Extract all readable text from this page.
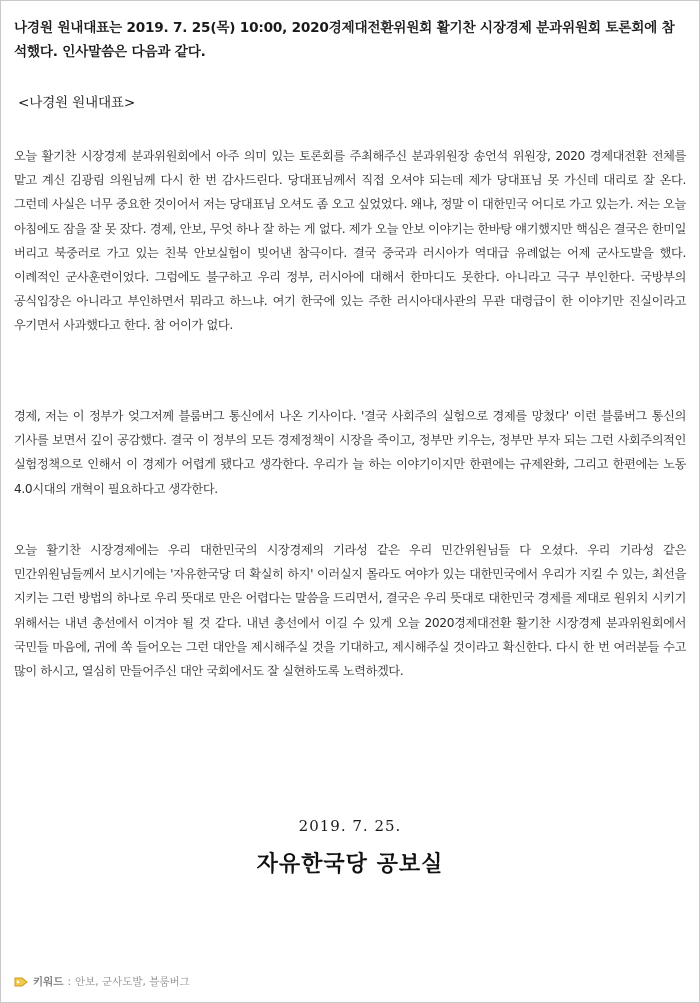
나경원 원내대표는 2019. 7. 25(목) 10:00, 2020경제대전환위원회 활기찬 시장경제 분과위원회 토론회에 참석했다. 인사말씀은 다음과 같다.
<나경원 원내대표>
오늘 활기찬 시장경제 분과위원회에서 아주 의미 있는 토론회를 주최해주신 분과위원장 송언석 위원장, 2020 경제대전환 전체를 맡고 계신 김광림 의원님께 다시 한 번 감사드린다. 당대표님께서 직접 오셔야 되는데 제가 당대표님 못 가신데 대리로 잘 온다. 그런데 사실은 너무 중요한 것이어서 저는 당대표님 오셔도 좀 오고 싶었었다. 왜냐, 정말 이 대한민국 어디로 가고 있는가. 저는 오늘 아침에도 잠을 잘 못 잤다. 경제, 안보, 무엇 하나 잘 하는 게 없다. 제가 오늘 안보 이야기는 한바탕 얘기했지만 핵심은 결국은 한미일 버리고 북중러로 가고 있는 친북 안보실험이 빚어낸 참극이다. 결국 중국과 러시아가 역대급 유례없는 어제 군사도발을 했다. 이례적인 군사훈련이었다. 그럼에도 불구하고 우리 정부, 러시아에 대해서 한마디도 못한다. 아니라고 극구 부인한다. 국방부의 공식입장은 아니라고 부인하면서 뭐라고 하느냐. 여기 한국에 있는 주한 러시아대사관의 무관 대령급이 한 이야기만 진실이라고 우기면서 사과했다고 한다. 참 어이가 없다.
경제, 저는 이 정부가 엊그저께 블룸버그 통신에서 나온 기사이다. '결국 사회주의 실험으로 경제를 망쳤다' 이런 블룸버그 통신의 기사를 보면서 깊이 공감했다. 결국 이 정부의 모든 경제정책이 시장을 죽이고, 정부만 키우는, 정부만 부자 되는 그런 사회주의적인 실험정책으로 인해서 이 경제가 어렵게 됐다고 생각한다. 우리가 늘 하는 이야기이지만 한편에는 규제완화, 그리고 한편에는 노동 4.0시대의 개혁이 필요하다고 생각한다.
오늘 활기찬 시장경제에는 우리 대한민국의 시장경제의 기라성 같은 우리 민간위원님들 다 오셨다. 우리 기라성 같은 민간위원님들께서 보시기에는 '자유한국당 더 확실히 하지' 이러실지 몰라도 여야가 있는 대한민국에서 우리가 지킬 수 있는, 최선을 지키는 그런 방법의 하나로 우리 뜻대로 만은 어렵다는 말씀을 드리면서, 결국은 우리 뜻대로 대한민국 경제를 제대로 원위치 시키기 위해서는 내년 총선에서 이겨야 될 것 같다. 내년 총선에서 이길 수 있게 오늘 2020경제대전환 활기찬 시장경제 분과위원회에서 국민들 마음에, 귀에 쏙 들어오는 그런 대안을 제시해주실 것을 기대하고, 제시해주실 것이라고 확신한다. 다시 한 번 여러분들 수고 많이 하시고, 열심히 만들어주신 대안 국회에서도 잘 실현하도록 노력하겠다.
2019. 7. 25.
자유한국당 공보실
키워드 : 안보, 군사도발, 블룸버그
